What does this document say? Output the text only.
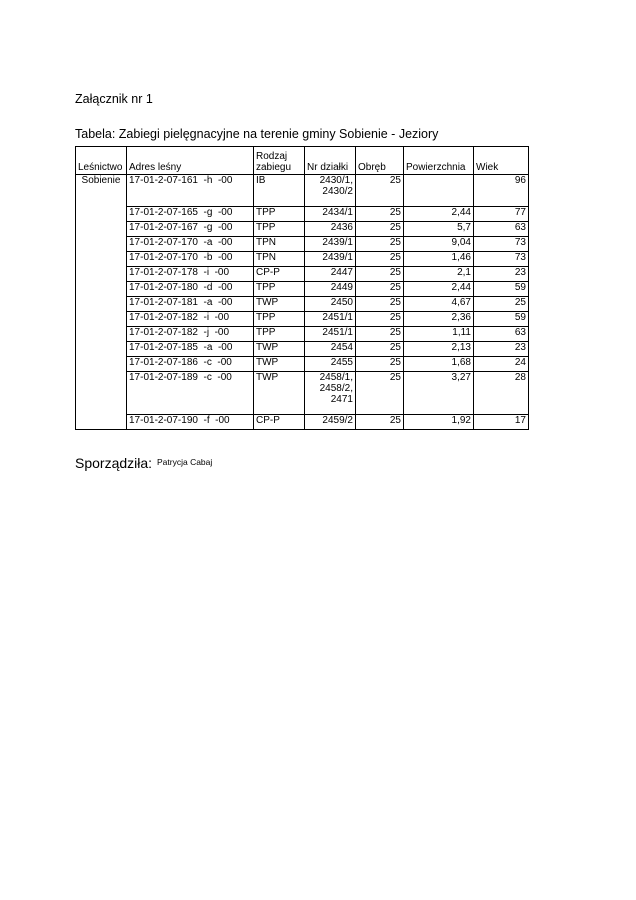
Załącznik nr 1
Tabela: Zabiegi pielęgnacyjne na terenie gminy Sobienie - Jeziory
Leśnictwo	Adres leśny	Rodzaj zabiegu	Nr działki	Obręb	Powierzchnia	Wiek
Sobienie	17-01-2-07-161  -h  -00	IB	2430/1,
2430/2	25		96
	17-01-2-07-165  -g  -00	TPP	2434/1	25	2,44	77
	17-01-2-07-167  -g  -00	TPP	2436	25	5,7	63
	17-01-2-07-170  -a  -00	TPN	2439/1	25	9,04	73
	17-01-2-07-170  -b  -00	TPN	2439/1	25	1,46	73
	17-01-2-07-178  -i  -00	CP-P	2447	25	2,1	23
	17-01-2-07-180  -d  -00	TPP	2449	25	2,44	59
	17-01-2-07-181  -a  -00	TWP	2450	25	4,67	25
	17-01-2-07-182  -i  -00	TPP	2451/1	25	2,36	59
	17-01-2-07-182  -j  -00	TPP	2451/1	25	1,11	63
	17-01-2-07-185  -a  -00	TWP	2454	25	2,13	23
	17-01-2-07-186  -c  -00	TWP	2455	25	1,68	24
	17-01-2-07-189  -c  -00	TWP	2458/1,
2458/2,
2471	25	3,27	28
	17-01-2-07-190  -f  -00	CP-P	2459/2	25	1,92	17
Sporządziła: Patrycja Cabaj
